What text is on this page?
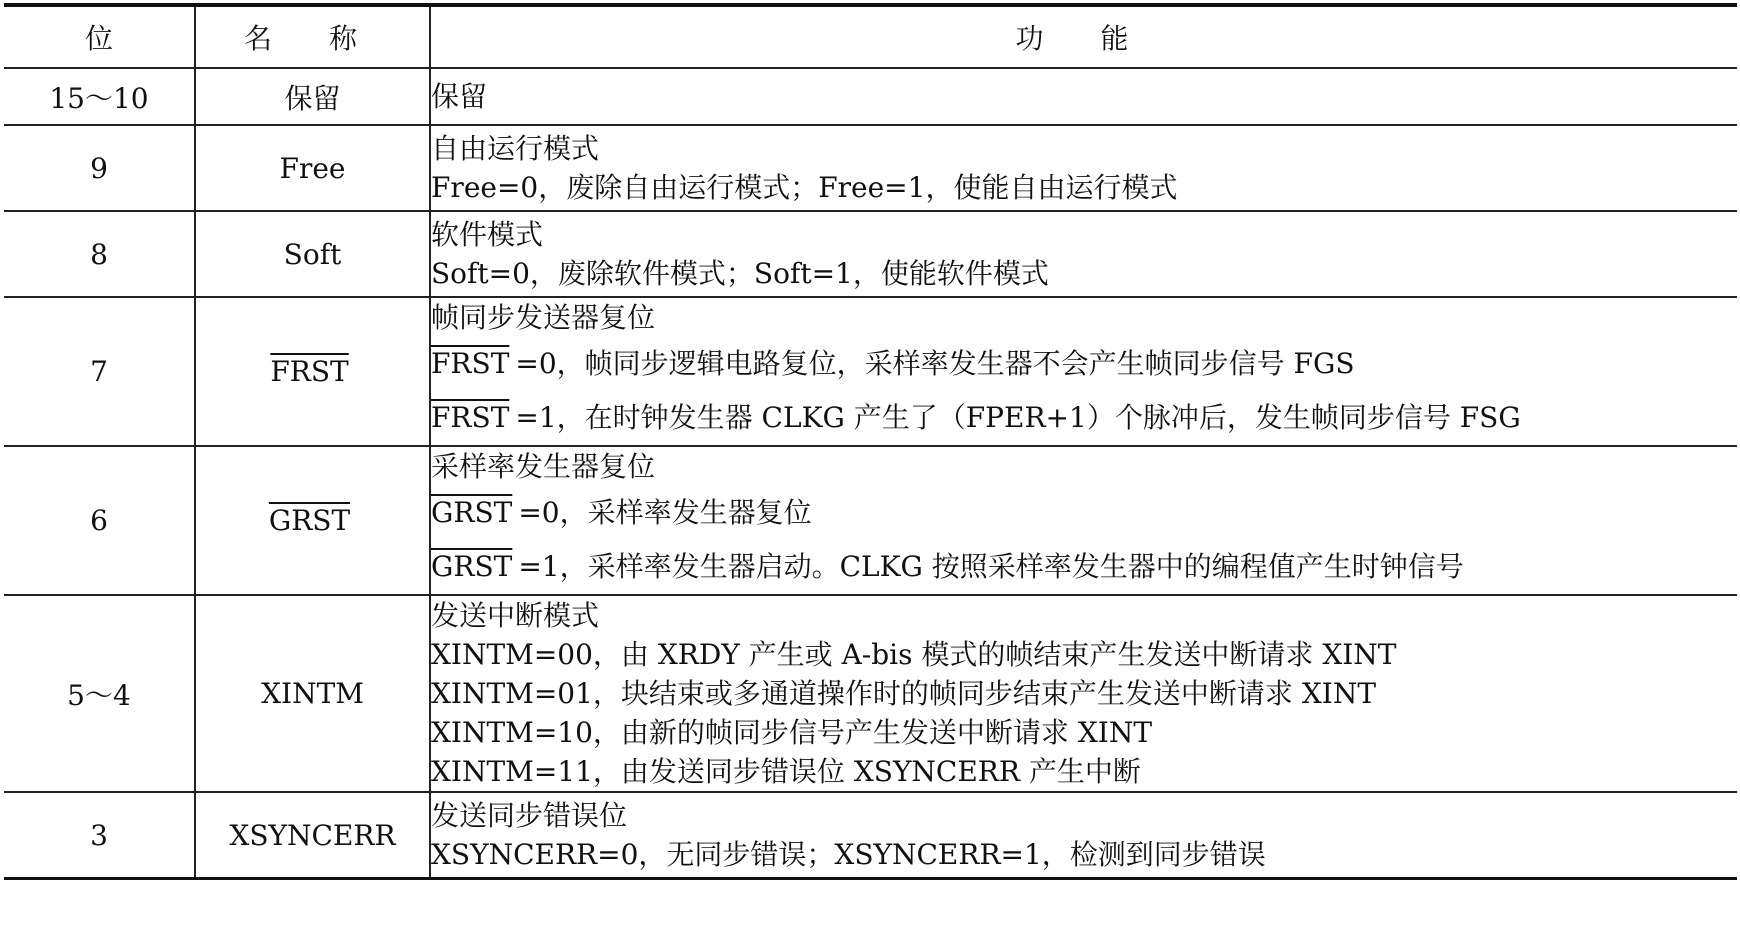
位	名 称	功 能
15～10	保留	保留

9	Free	自由运行模式
Free=0，废除自由运行模式；Free=1，使能自由运行模式

8	Soft	软件模式
Soft=0，废除软件模式；Soft=1，使能软件模式

7	FRST	帧同步发送器复位
FRST =0，帧同步逻辑电路复位，采样率发生器不会产生帧同步信号 FGS
FRST =1，在时钟发生器 CLKG 产生了（FPER+1）个脉冲后，发生帧同步信号 FSG

6	GRST	采样率发生器复位
GRST =0，采样率发生器复位
GRST =1，采样率发生器启动。CLKG 按照采样率发生器中的编程值产生时钟信号

5～4	XINTM	发送中断模式
XINTM=00，由 XRDY 产生或 A-bis 模式的帧结束产生发送中断请求 XINT
XINTM=01，块结束或多通道操作时的帧同步结束产生发送中断请求 XINT
XINTM=10，由新的帧同步信号产生发送中断请求 XINT
XINTM=11，由发送同步错误位 XSYNCERR 产生中断

3	XSYNCERR	发送同步错误位
XSYNCERR=0，无同步错误；XSYNCERR=1，检测到同步错误
